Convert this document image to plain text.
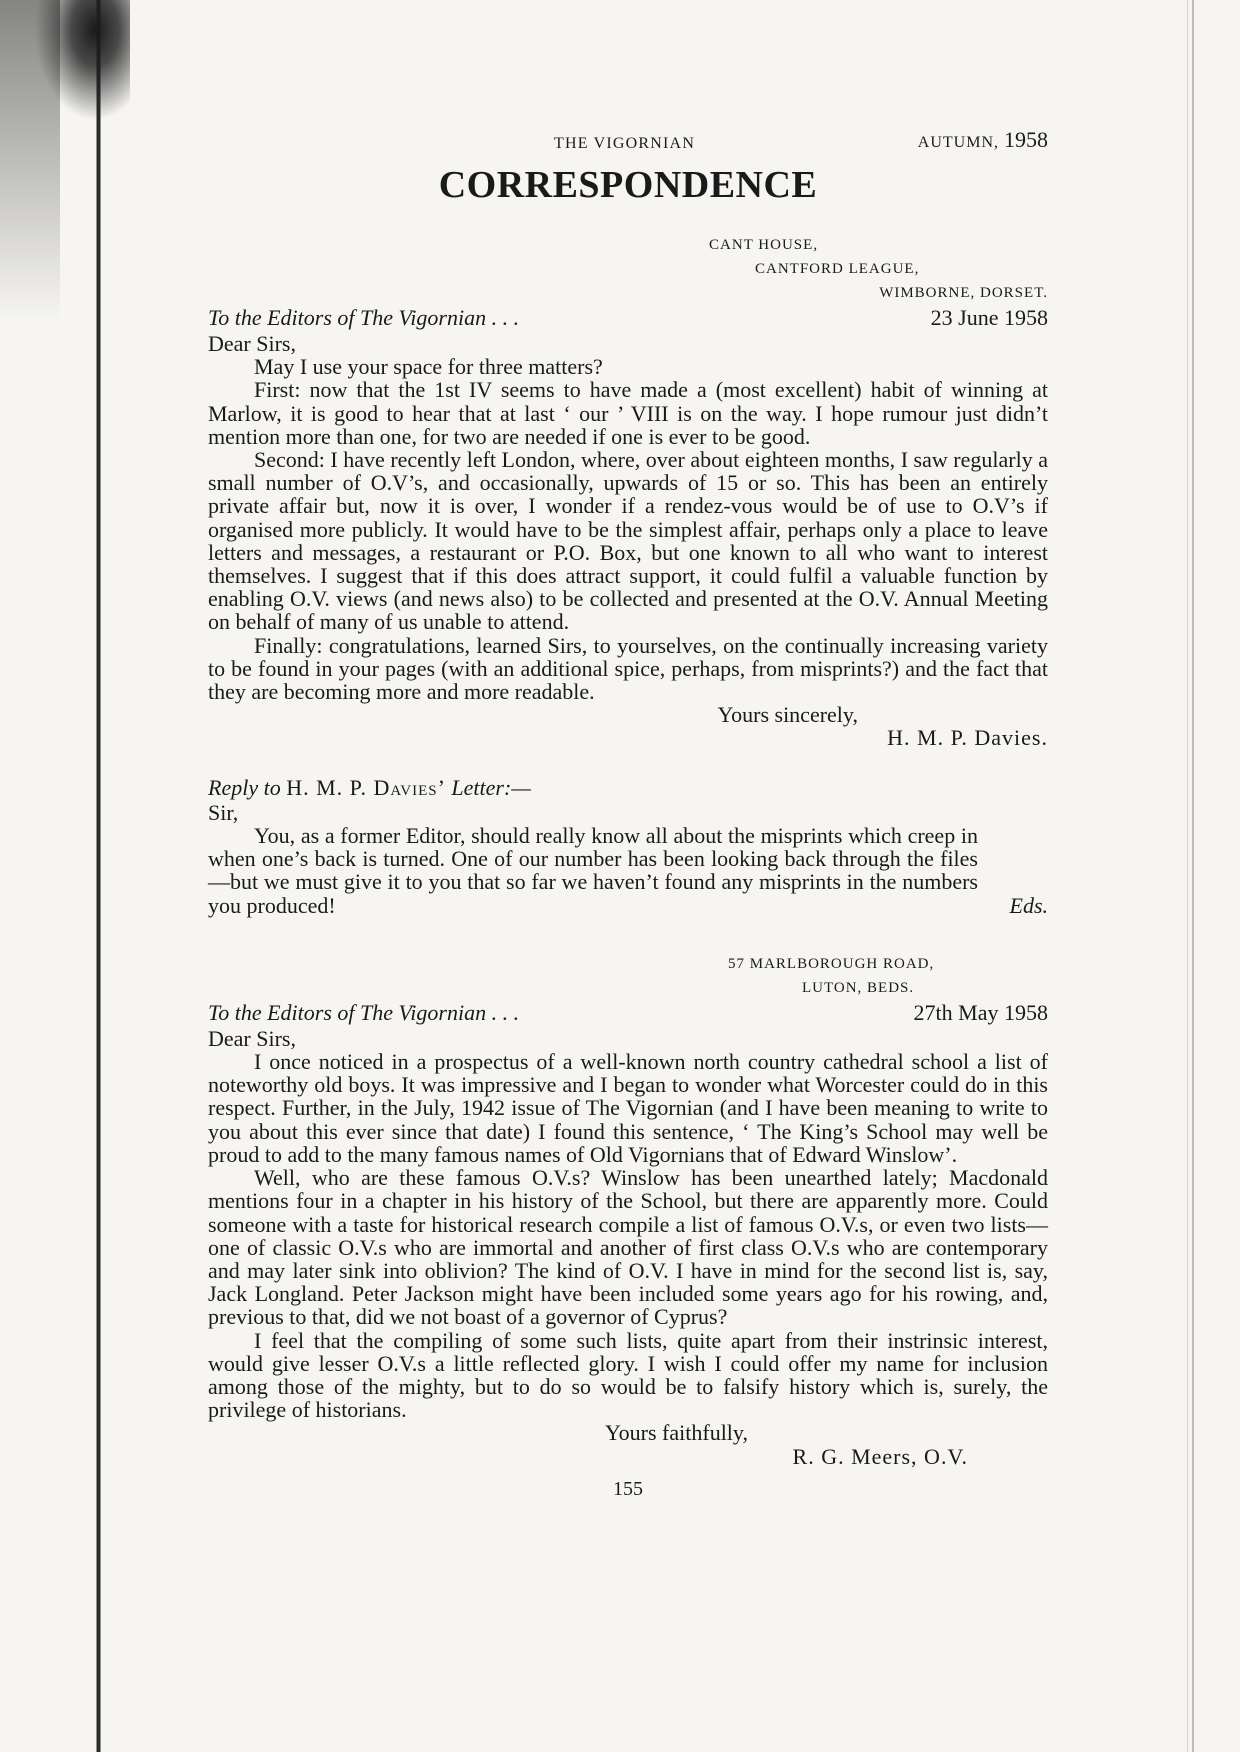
THE VIGORNIAN	AUTUMN, 1958
CORRESPONDENCE
CANT HOUSE,
CANTFORD LEAGUE,
WIMBORNE, DORSET.
To the Editors of The Vigornian . . .	23 June 1958
Dear Sirs,

May I use your space for three matters?

First: now that the 1st IV seems to have made a (most excellent) habit of winning at Marlow, it is good to hear that at last ‘ our ’ VIII is on the way. I hope rumour just didn’t mention more than one, for two are needed if one is ever to be good.

Second: I have recently left London, where, over about eighteen months, I saw regularly a small number of O.V’s, and occasionally, upwards of 15 or so. This has been an entirely private affair but, now it is over, I wonder if a rendez-vous would be of use to O.V’s if organised more publicly. It would have to be the simplest affair, perhaps only a place to leave letters and messages, a restaurant or P.O. Box, but one known to all who want to interest themselves. I suggest that if this does attract support, it could fulfil a valuable function by enabling O.V. views (and news also) to be collected and presented at the O.V. Annual Meeting on behalf of many of us unable to attend.

Finally: congratulations, learned Sirs, to yourselves, on the continually increasing variety to be found in your pages (with an additional spice, perhaps, from misprints?) and the fact that they are becoming more and more readable.

Yours sincerely,
H. M. P. Davies.
Reply to H. M. P. Davies’ Letter:—
Sir,

You, as a former Editor, should really know all about the misprints which creep in when one’s back is turned. One of our number has been looking back through the files—but we must give it to you that so far we haven’t found any misprints in the numbers you produced!	Eds.
57 MARLBOROUGH ROAD,
LUTON, BEDS.
To the Editors of The Vigornian . . .	27th May 1958
Dear Sirs,

I once noticed in a prospectus of a well-known north country cathedral school a list of noteworthy old boys. It was impressive and I began to wonder what Worcester could do in this respect. Further, in the July, 1942 issue of The Vigornian (and I have been meaning to write to you about this ever since that date) I found this sentence, ‘ The King’s School may well be proud to add to the many famous names of Old Vigornians that of Edward Winslow’.

Well, who are these famous O.V.s? Winslow has been unearthed lately; Macdonald mentions four in a chapter in his history of the School, but there are apparently more. Could someone with a taste for historical research compile a list of famous O.V.s, or even two lists—one of classic O.V.s who are immortal and another of first class O.V.s who are contemporary and may later sink into oblivion? The kind of O.V. I have in mind for the second list is, say, Jack Longland. Peter Jackson might have been included some years ago for his rowing, and, previous to that, did we not boast of a governor of Cyprus?

I feel that the compiling of some such lists, quite apart from their instrinsic interest, would give lesser O.V.s a little reflected glory. I wish I could offer my name for inclusion among those of the mighty, but to do so would be to falsify history which is, surely, the privilege of historians.

Yours faithfully,
R. G. Meers, O.V.
155
